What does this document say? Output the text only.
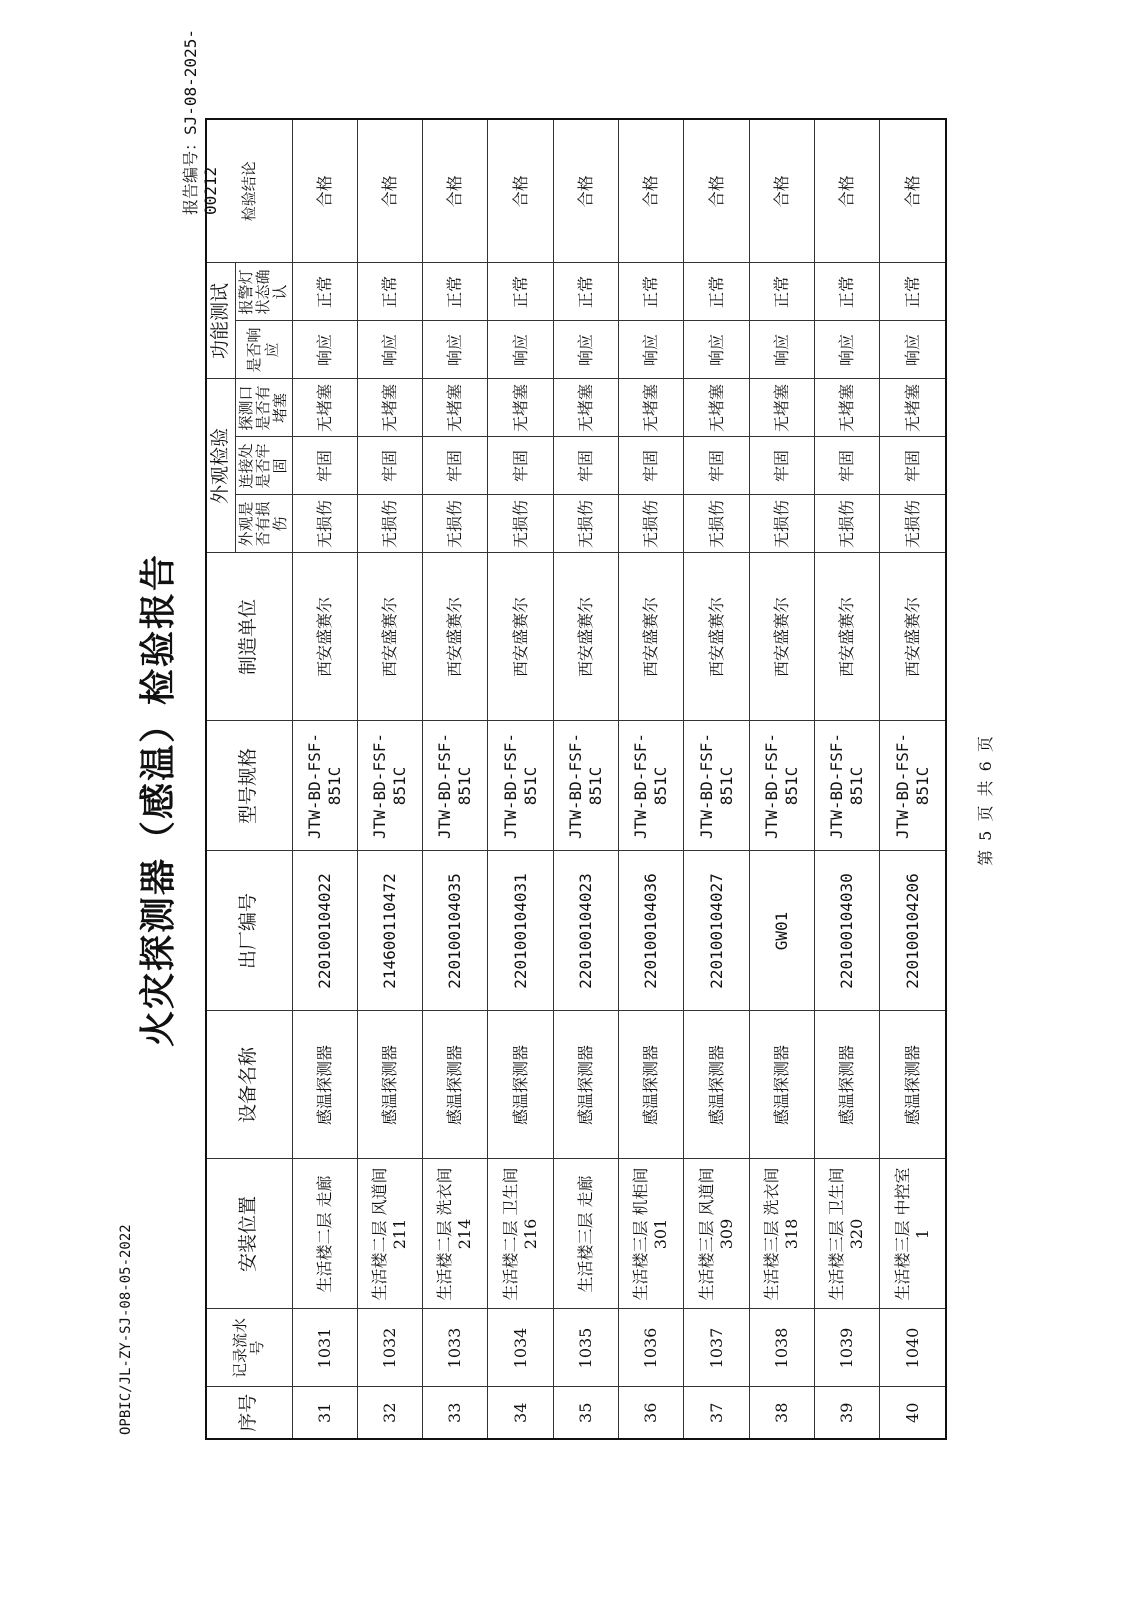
OPBIC/JL-ZY-SJ-08-05-2022
火灾探测器（感温）检验报告
报告编号：SJ-08-2025-00212
序号	记录流水号	安装位置	设备名称	出厂编号	型号规格	制造单位	外观检验			功能测试		检验结论
							外观是否有损伤	连接处是否牢固	探测口是否有堵塞	是否响应	报警灯状态确认	
31	1031	生活楼二层 走廊	感温探测器	220100104022	JTW-BD-FSF-851C	西安盛赛尔	无损伤	牢固	无堵塞	响应	正常	合格
32	1032	生活楼二层 风道间 211	感温探测器	214600110472	JTW-BD-FSF-851C	西安盛赛尔	无损伤	牢固	无堵塞	响应	正常	合格
33	1033	生活楼二层 洗衣间 214	感温探测器	220100104035	JTW-BD-FSF-851C	西安盛赛尔	无损伤	牢固	无堵塞	响应	正常	合格
34	1034	生活楼二层 卫生间 216	感温探测器	220100104031	JTW-BD-FSF-851C	西安盛赛尔	无损伤	牢固	无堵塞	响应	正常	合格
35	1035	生活楼三层 走廊	感温探测器	220100104023	JTW-BD-FSF-851C	西安盛赛尔	无损伤	牢固	无堵塞	响应	正常	合格
36	1036	生活楼三层 机柜间 301	感温探测器	220100104036	JTW-BD-FSF-851C	西安盛赛尔	无损伤	牢固	无堵塞	响应	正常	合格
37	1037	生活楼三层 风道间 309	感温探测器	220100104027	JTW-BD-FSF-851C	西安盛赛尔	无损伤	牢固	无堵塞	响应	正常	合格
38	1038	生活楼三层 洗衣间 318	感温探测器	GW01	JTW-BD-FSF-851C	西安盛赛尔	无损伤	牢固	无堵塞	响应	正常	合格
39	1039	生活楼三层 卫生间 320	感温探测器	220100104030	JTW-BD-FSF-851C	西安盛赛尔	无损伤	牢固	无堵塞	响应	正常	合格
40	1040	生活楼三层 中控室 1	感温探测器	220100104206	JTW-BD-FSF-851C	西安盛赛尔	无损伤	牢固	无堵塞	响应	正常	合格
第 5 页 共 6 页
